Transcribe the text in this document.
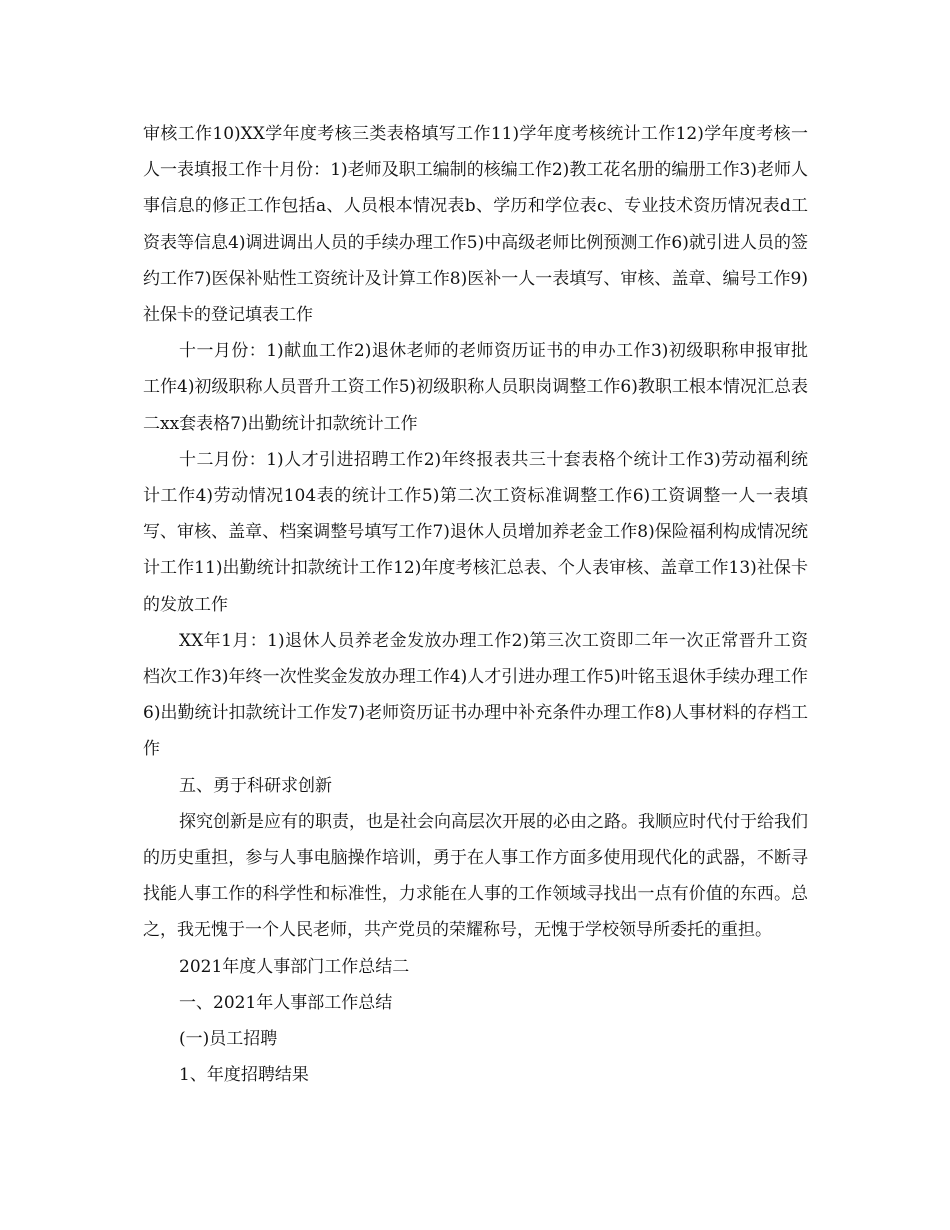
审核工作10)XX学年度考核三类表格填写工作11)学年度考核统计工作12)学年度考核一人一表填报工作十月份：1)老师及职工编制的核编工作2)教工花名册的编册工作3)老师人事信息的修正工作包括a、人员根本情况表b、学历和学位表c、专业技术资历情况表d工资表等信息4)调进调出人员的手续办理工作5)中高级老师比例预测工作6)就引进人员的签约工作7)医保补贴性工资统计及计算工作8)医补一人一表填写、审核、盖章、编号工作9)社保卡的登记填表工作

十一月份：1)献血工作2)退休老师的老师资历证书的申办工作3)初级职称申报审批工作4)初级职称人员晋升工资工作5)初级职称人员职岗调整工作6)教职工根本情况汇总表二xx套表格7)出勤统计扣款统计工作

十二月份：1)人才引进招聘工作2)年终报表共三十套表格个统计工作3)劳动福利统计工作4)劳动情况104表的统计工作5)第二次工资标准调整工作6)工资调整一人一表填写、审核、盖章、档案调整号填写工作7)退休人员增加养老金工作8)保险福利构成情况统计工作11)出勤统计扣款统计工作12)年度考核汇总表、个人表审核、盖章工作13)社保卡的发放工作

XX年1月：1)退休人员养老金发放办理工作2)第三次工资即二年一次正常晋升工资档次工作3)年终一次性奖金发放办理工作4)人才引进办理工作5)叶铭玉退休手续办理工作6)出勤统计扣款统计工作发7)老师资历证书办理中补充条件办理工作8)人事材料的存档工作

五、勇于科研求创新

探究创新是应有的职责，也是社会向高层次开展的必由之路。我顺应时代付于给我们的历史重担，参与人事电脑操作培训，勇于在人事工作方面多使用现代化的武器，不断寻找能人事工作的科学性和标准性，力求能在人事的工作领域寻找出一点有价值的东西。总之，我无愧于一个人民老师，共产党员的荣耀称号，无愧于学校领导所委托的重担。

2021年度人事部门工作总结二

一、2021年人事部工作总结

(一)员工招聘

1、年度招聘结果
